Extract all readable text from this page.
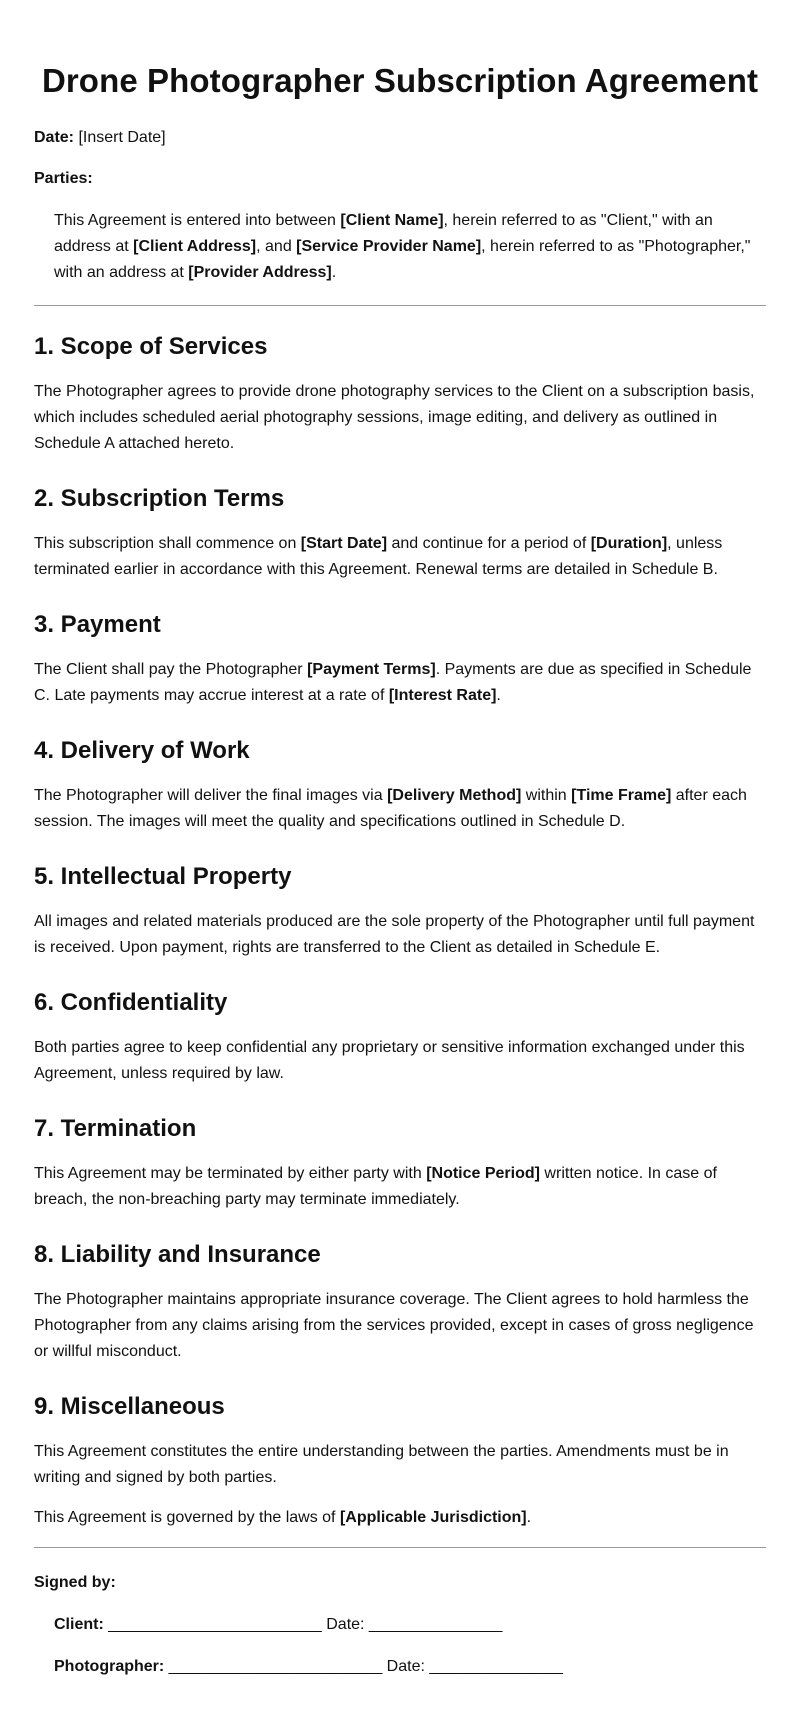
Drone Photographer Subscription Agreement

Date: [Insert Date]

Parties:

This Agreement is entered into between [Client Name], herein referred to as "Client," with an address at [Client Address], and [Service Provider Name], herein referred to as "Photographer," with an address at [Provider Address].

1. Scope of Services

The Photographer agrees to provide drone photography services to the Client on a subscription basis, which includes scheduled aerial photography sessions, image editing, and delivery as outlined in Schedule A attached hereto.

2. Subscription Terms

This subscription shall commence on [Start Date] and continue for a period of [Duration], unless terminated earlier in accordance with this Agreement. Renewal terms are detailed in Schedule B.

3. Payment

The Client shall pay the Photographer [Payment Terms]. Payments are due as specified in Schedule C. Late payments may accrue interest at a rate of [Interest Rate].

4. Delivery of Work

The Photographer will deliver the final images via [Delivery Method] within [Time Frame] after each session. The images will meet the quality and specifications outlined in Schedule D.

5. Intellectual Property

All images and related materials produced are the sole property of the Photographer until full payment is received. Upon payment, rights are transferred to the Client as detailed in Schedule E.

6. Confidentiality

Both parties agree to keep confidential any proprietary or sensitive information exchanged under this Agreement, unless required by law.

7. Termination

This Agreement may be terminated by either party with [Notice Period] written notice. In case of breach, the non-breaching party may terminate immediately.

8. Liability and Insurance

The Photographer maintains appropriate insurance coverage. The Client agrees to hold harmless the Photographer from any claims arising from the services provided, except in cases of gross negligence or willful misconduct.

9. Miscellaneous

This Agreement constitutes the entire understanding between the parties. Amendments must be in writing and signed by both parties.

This Agreement is governed by the laws of [Applicable Jurisdiction].

Signed by:
Client: ________________________ Date: _______________
Photographer: ________________________ Date: _______________
